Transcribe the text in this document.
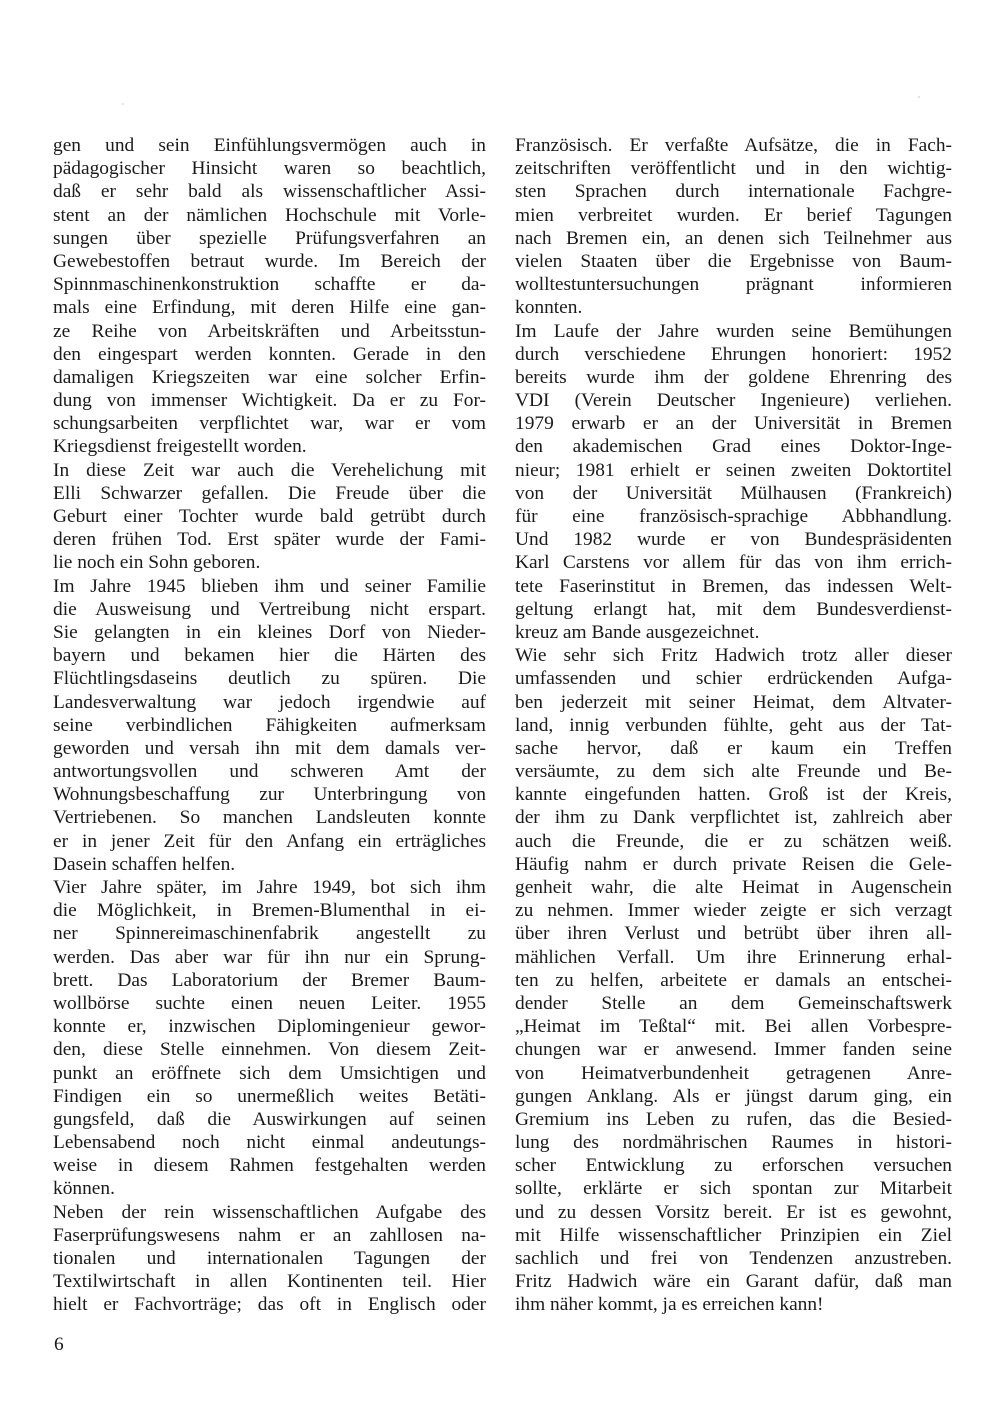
gen und sein Einfühlungsvermögen auch in
pädagogischer Hinsicht waren so beachtlich,
daß er sehr bald als wissenschaftlicher Assi-
stent an der nämlichen Hochschule mit Vorle-
sungen über spezielle Prüfungsverfahren an
Gewebestoffen betraut wurde. Im Bereich der
Spinnmaschinenkonstruktion schaffte er da-
mals eine Erfindung, mit deren Hilfe eine gan-
ze Reihe von Arbeitskräften und Arbeitsstun-
den eingespart werden konnten. Gerade in den
damaligen Kriegszeiten war eine solcher Erfin-
dung von immenser Wichtigkeit. Da er zu For-
schungsarbeiten verpflichtet war, war er vom
Kriegsdienst freigestellt worden.
In diese Zeit war auch die Verehelichung mit
Elli Schwarzer gefallen. Die Freude über die
Geburt einer Tochter wurde bald getrübt durch
deren frühen Tod. Erst später wurde der Fami-
lie noch ein Sohn geboren.
Im Jahre 1945 blieben ihm und seiner Familie
die Ausweisung und Vertreibung nicht erspart.
Sie gelangten in ein kleines Dorf von Nieder-
bayern und bekamen hier die Härten des
Flüchtlingsdaseins deutlich zu spüren. Die
Landesverwaltung war jedoch irgendwie auf
seine verbindlichen Fähigkeiten aufmerksam
geworden und versah ihn mit dem damals ver-
antwortungsvollen und schweren Amt der
Wohnungsbeschaffung zur Unterbringung von
Vertriebenen. So manchen Landsleuten konnte
er in jener Zeit für den Anfang ein erträgliches
Dasein schaffen helfen.
Vier Jahre später, im Jahre 1949, bot sich ihm
die Möglichkeit, in Bremen-Blumenthal in ei-
ner Spinnereimaschinenfabrik angestellt zu
werden. Das aber war für ihn nur ein Sprung-
brett. Das Laboratorium der Bremer Baum-
wollbörse suchte einen neuen Leiter. 1955
konnte er, inzwischen Diplomingenieur gewor-
den, diese Stelle einnehmen. Von diesem Zeit-
punkt an eröffnete sich dem Umsichtigen und
Findigen ein so unermeßlich weites Betäti-
gungsfeld, daß die Auswirkungen auf seinen
Lebensabend noch nicht einmal andeutungs-
weise in diesem Rahmen festgehalten werden
können.
Neben der rein wissenschaftlichen Aufgabe des
Faserprüfungswesens nahm er an zahllosen na-
tionalen und internationalen Tagungen der
Textilwirtschaft in allen Kontinenten teil. Hier
hielt er Fachvorträge; das oft in Englisch oder
Französisch. Er verfaßte Aufsätze, die in Fach-
zeitschriften veröffentlicht und in den wichtig-
sten Sprachen durch internationale Fachgre-
mien verbreitet wurden. Er berief Tagungen
nach Bremen ein, an denen sich Teilnehmer aus
vielen Staaten über die Ergebnisse von Baum-
wolltestuntersuchungen prägnant informieren
konnten.
Im Laufe der Jahre wurden seine Bemühungen
durch verschiedene Ehrungen honoriert: 1952
bereits wurde ihm der goldene Ehrenring des
VDI (Verein Deutscher Ingenieure) verliehen.
1979 erwarb er an der Universität in Bremen
den akademischen Grad eines Doktor-Inge-
nieur; 1981 erhielt er seinen zweiten Doktortitel
von der Universität Mülhausen (Frankreich)
für eine französisch-sprachige Abbhandlung.
Und 1982 wurde er von Bundespräsidenten
Karl Carstens vor allem für das von ihm errich-
tete Faserinstitut in Bremen, das indessen Welt-
geltung erlangt hat, mit dem Bundesverdienst-
kreuz am Bande ausgezeichnet.
Wie sehr sich Fritz Hadwich trotz aller dieser
umfassenden und schier erdrückenden Aufga-
ben jederzeit mit seiner Heimat, dem Altvater-
land, innig verbunden fühlte, geht aus der Tat-
sache hervor, daß er kaum ein Treffen
versäumte, zu dem sich alte Freunde und Be-
kannte eingefunden hatten. Groß ist der Kreis,
der ihm zu Dank verpflichtet ist, zahlreich aber
auch die Freunde, die er zu schätzen weiß.
Häufig nahm er durch private Reisen die Gele-
genheit wahr, die alte Heimat in Augenschein
zu nehmen. Immer wieder zeigte er sich verzagt
über ihren Verlust und betrübt über ihren all-
mählichen Verfall. Um ihre Erinnerung erhal-
ten zu helfen, arbeitete er damals an entschei-
dender Stelle an dem Gemeinschaftswerk
„Heimat im Teßtal“ mit. Bei allen Vorbespre-
chungen war er anwesend. Immer fanden seine
von Heimatverbundenheit getragenen Anre-
gungen Anklang. Als er jüngst darum ging, ein
Gremium ins Leben zu rufen, das die Besied-
lung des nordmährischen Raumes in histori-
scher Entwicklung zu erforschen versuchen
sollte, erklärte er sich spontan zur Mitarbeit
und zu dessen Vorsitz bereit. Er ist es gewohnt,
mit Hilfe wissenschaftlicher Prinzipien ein Ziel
sachlich und frei von Tendenzen anzustreben.
Fritz Hadwich wäre ein Garant dafür, daß man
ihm näher kommt, ja es erreichen kann!
6
